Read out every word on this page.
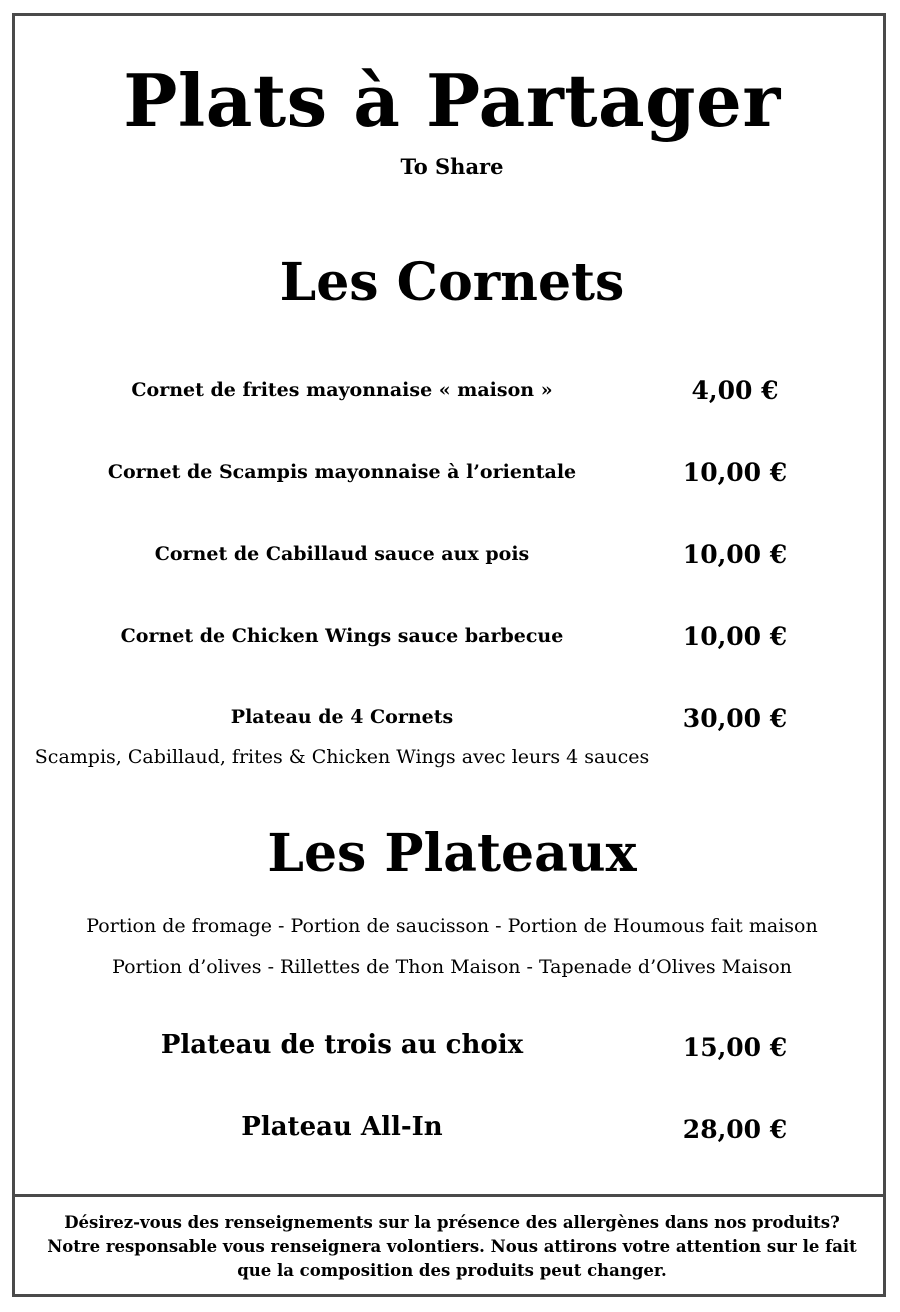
Plats à Partager
To Share
Les Cornets
Cornet de frites mayonnaise « maison »	4,00 €
Cornet de Scampis mayonnaise à l’orientale	10,00 €
Cornet de Cabillaud sauce aux pois	10,00 €
Cornet de Chicken Wings sauce barbecue	10,00 €
Plateau de 4 Cornets	30,00 €
Scampis, Cabillaud, frites & Chicken Wings avec leurs 4 sauces
Les Plateaux
Portion de fromage - Portion de saucisson - Portion de Houmous fait maison
Portion d’olives - Rillettes de Thon Maison - Tapenade d’Olives Maison
Plateau de trois au choix	15,00 €
Plateau All-In	28,00 €
Désirez-vous des renseignements sur la présence des allergènes dans nos produits?
Notre responsable vous renseignera volontiers. Nous attirons votre attention sur le fait
que la composition des produits peut changer.
